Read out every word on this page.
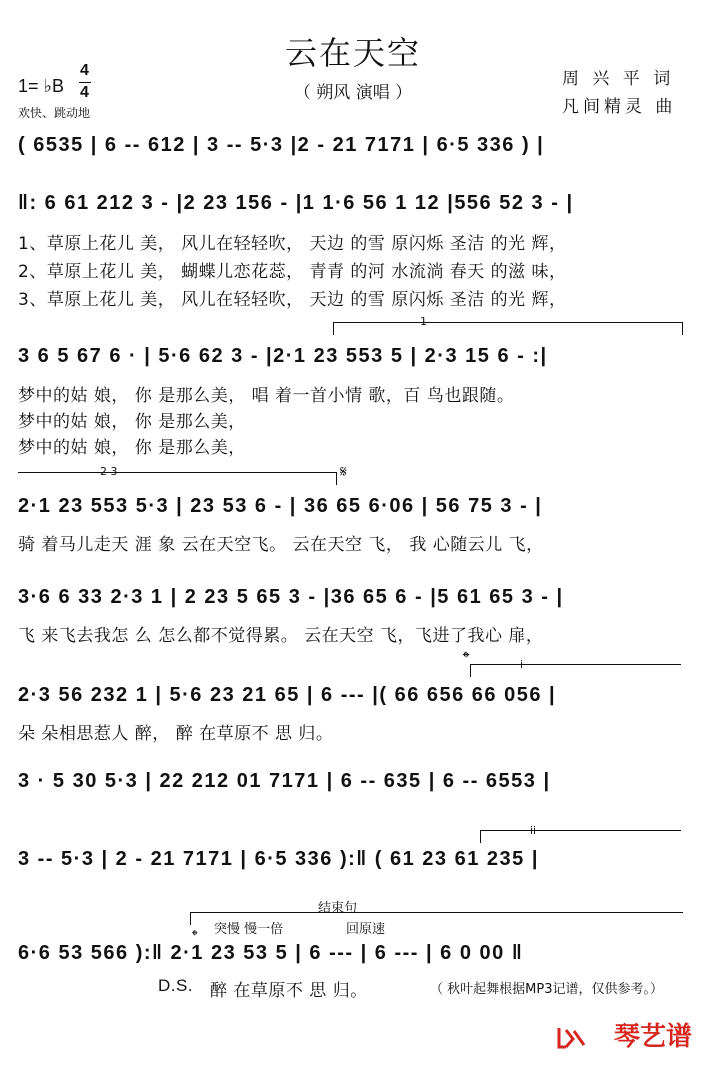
云在天空
（ 朔风 演唱 ）
周 兴 平 词
凡间精灵 曲
1= ♭B
4
4
欢快、跳动地
( 6535 | 6 -- 612 | 3 -- 5·3 |2 - 21 7171 | 6·5 336 ) |
‖: 6 61 212 3 - |2 23 156 - |1 1·6 56 1 12 |556 52 3 - |
1、草原上花儿 美， 风儿在轻轻吹， 天边 的雪 原闪烁 圣洁 的光 辉，
2、草原上花儿 美， 蝴蝶儿恋花蕊， 青青 的河 水流淌 春天 的滋 味，
3、草原上花儿 美， 风儿在轻轻吹， 天边 的雪 原闪烁 圣洁 的光 辉，
1
3 6 5 67 6 · | 5·6 62 3 - |2·1 23 553 5 | 2·3 15 6 - :|
梦中的姑 娘， 你 是那么美， 唱 着一首小情 歌，百 鸟也跟随。
梦中的姑 娘， 你 是那么美，
梦中的姑 娘， 你 是那么美，
2 3	𝄋
2·1 23 553 5·3 | 23 53 6 - | 36 65 6·06 | 56 75 3 - |
骑 着马儿走天 涯 象 云在天空飞。 云在天空 飞， 我 心随云儿 飞，
3·6 6 33 2·3 1 | 2 23 5 65 3 - |36 65 6 - |5 61 65 3 - |
飞 来飞去我怎 么 怎么都不觉得累。 云在天空 飞，飞进了我心 扉，
𝄌	i
2·3 56 232 1 | 5·6 23 21 65 | 6 --- |( 66 656 66 056 |
朵 朵相思惹人 醉， 醉 在草原不 思 归。
3 · 5 30 5·3 | 22 212 01 7171 | 6 -- 635 | 6 -- 6553 |
ii
3 -- 5·3 | 2 - 21 7171 | 6·5 336 ):‖ ( 61 23 61 235 |
结束句
𝄌 突慢 慢一倍	回原速
6·6 53 566 ):‖ 2·1 23 53 5 | 6 --- | 6 --- | 6 0 00 ‖
D.S. 醉 在草原不 思 归。	（ 秋叶起舞根据MP3记谱，仅供参考。）
琴艺谱
